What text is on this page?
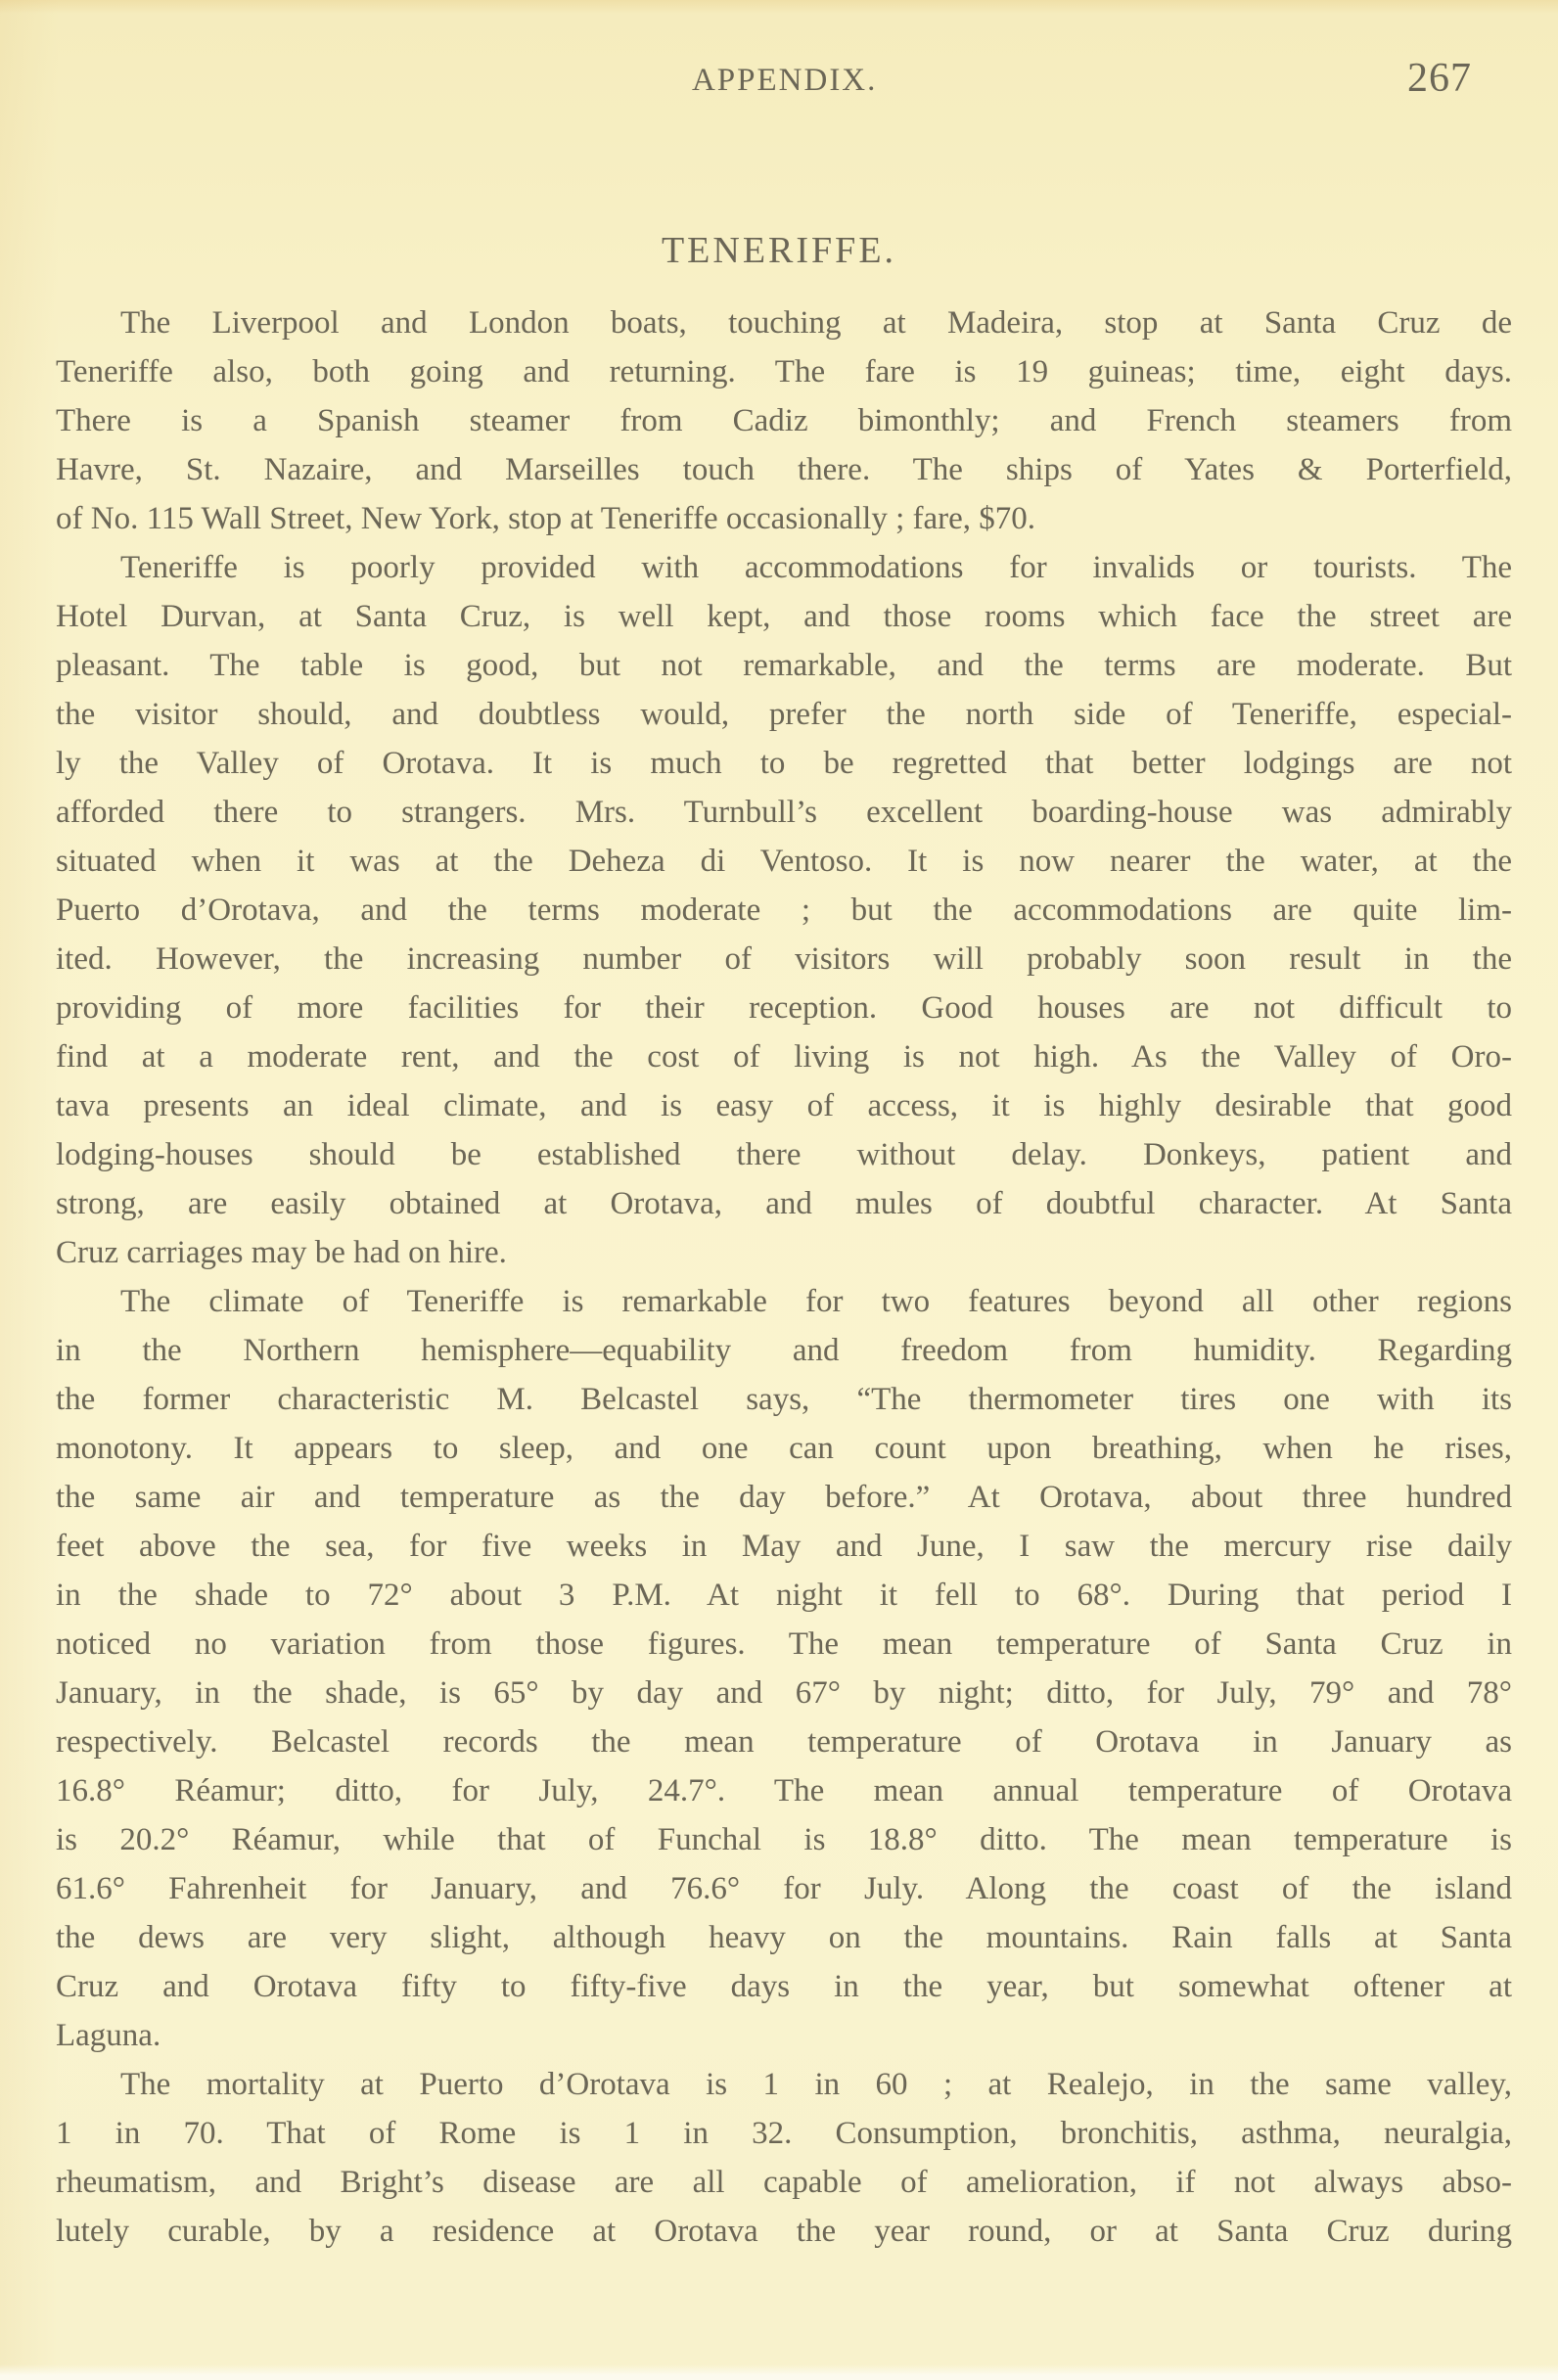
APPENDIX.	267
TENERIFFE.

The Liverpool and London boats, touching at Madeira, stop at Santa Cruz de
Teneriffe also, both going and returning. The fare is 19 guineas; time, eight days.
There is a Spanish steamer from Cadiz bimonthly; and French steamers from
Havre, St. Nazaire, and Marseilles touch there. The ships of Yates & Porterfield,
of No. 115 Wall Street, New York, stop at Teneriffe occasionally ; fare, $70.

Teneriffe is poorly provided with accommodations for invalids or tourists. The
Hotel Durvan, at Santa Cruz, is well kept, and those rooms which face the street are
pleasant. The table is good, but not remarkable, and the terms are moderate. But
the visitor should, and doubtless would, prefer the north side of Teneriffe, especial-
ly the Valley of Orotava. It is much to be regretted that better lodgings are not
afforded there to strangers. Mrs. Turnbull’s excellent boarding-house was admirably
situated when it was at the Deheza di Ventoso. It is now nearer the water, at the
Puerto d’Orotava, and the terms moderate ; but the accommodations are quite lim-
ited. However, the increasing number of visitors will probably soon result in the
providing of more facilities for their reception. Good houses are not difficult to
find at a moderate rent, and the cost of living is not high. As the Valley of Oro-
tava presents an ideal climate, and is easy of access, it is highly desirable that good
lodging-houses should be established there without delay. Donkeys, patient and
strong, are easily obtained at Orotava, and mules of doubtful character. At Santa
Cruz carriages may be had on hire.

The climate of Teneriffe is remarkable for two features beyond all other regions
in the Northern hemisphere—equability and freedom from humidity. Regarding
the former characteristic M. Belcastel says, “The thermometer tires one with its
monotony. It appears to sleep, and one can count upon breathing, when he rises,
the same air and temperature as the day before.” At Orotava, about three hundred
feet above the sea, for five weeks in May and June, I saw the mercury rise daily
in the shade to 72° about 3 P.M. At night it fell to 68°. During that period I
noticed no variation from those figures. The mean temperature of Santa Cruz in
January, in the shade, is 65° by day and 67° by night; ditto, for July, 79° and 78°
respectively. Belcastel records the mean temperature of Orotava in January as
16.8° Réamur; ditto, for July, 24.7°. The mean annual temperature of Orotava
is 20.2° Réamur, while that of Funchal is 18.8° ditto. The mean temperature is
61.6° Fahrenheit for January, and 76.6° for July. Along the coast of the island
the dews are very slight, although heavy on the mountains. Rain falls at Santa
Cruz and Orotava fifty to fifty-five days in the year, but somewhat oftener at
Laguna.

The mortality at Puerto d’Orotava is 1 in 60 ; at Realejo, in the same valley,
1 in 70. That of Rome is 1 in 32. Consumption, bronchitis, asthma, neuralgia,
rheumatism, and Bright’s disease are all capable of amelioration, if not always abso-
lutely curable, by a residence at Orotava the year round, or at Santa Cruz during
